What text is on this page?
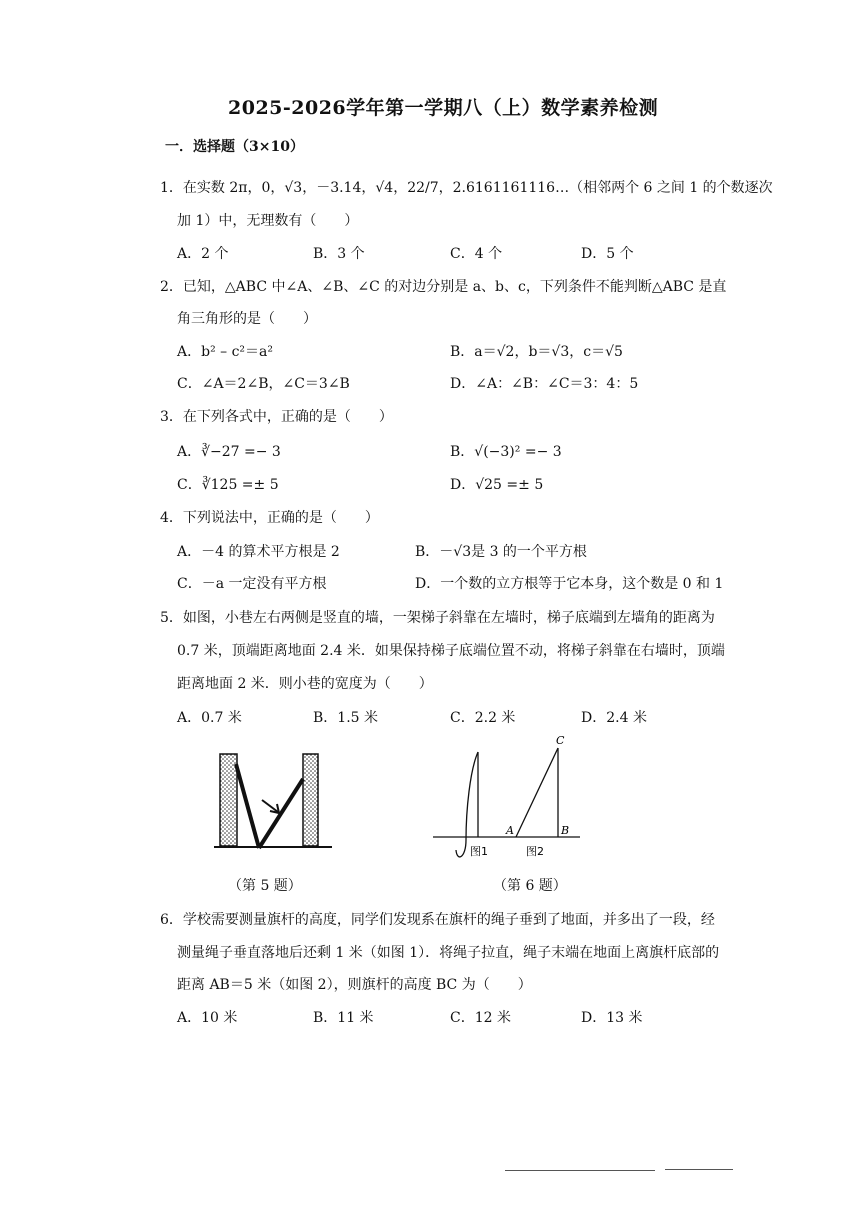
2025-2026学年第一学期八（上）数学素养检测
一．选择题（3×10）
1．在实数 2π，0，√3，－3.14，√4，22/7，2.6161161116…（相邻两个 6 之间 1 的个数逐次
加 1）中，无理数有（　　）
A．2 个	B．3 个	C．4 个	D．5 个
2．已知，△ABC 中∠A、∠B、∠C 的对边分别是 a、b、c，下列条件不能判断△ABC 是直
角三角形的是（　　）
A．b² – c²＝a²	B．a＝√2，b＝√3，c＝√5
C．∠A＝2∠B，∠C＝3∠B	D．∠A：∠B：∠C＝3：4：5
3．在下列各式中，正确的是（　　）
A．∛−27 =− 3	B．√(−3)² =− 3
C．∛125 =± 5	D．√25 =± 5
4．下列说法中，正确的是（　　）
A．－4 的算术平方根是 2	B．－√3是 3 的一个平方根
C．－a 一定没有平方根	D．一个数的立方根等于它本身，这个数是 0 和 1
5．如图，小巷左右两侧是竖直的墙，一架梯子斜靠在左墙时，梯子底端到左墙角的距离为
0.7 米，顶端距离地面 2.4 米．如果保持梯子底端位置不动，将梯子斜靠在右墙时，顶端
距离地面 2 米．则小巷的宽度为（　　）
A．0.7 米	B．1.5 米	C．2.2 米	D．2.4 米
（第 5 题）
C
A	B
图1	图2
（第 6 题）
6．学校需要测量旗杆的高度，同学们发现系在旗杆的绳子垂到了地面，并多出了一段，经
测量绳子垂直落地后还剩 1 米（如图 1）．将绳子拉直，绳子末端在地面上离旗杆底部的
距离 AB＝5 米（如图 2），则旗杆的高度 BC 为（　　）
A．10 米	B．11 米	C．12 米	D．13 米
